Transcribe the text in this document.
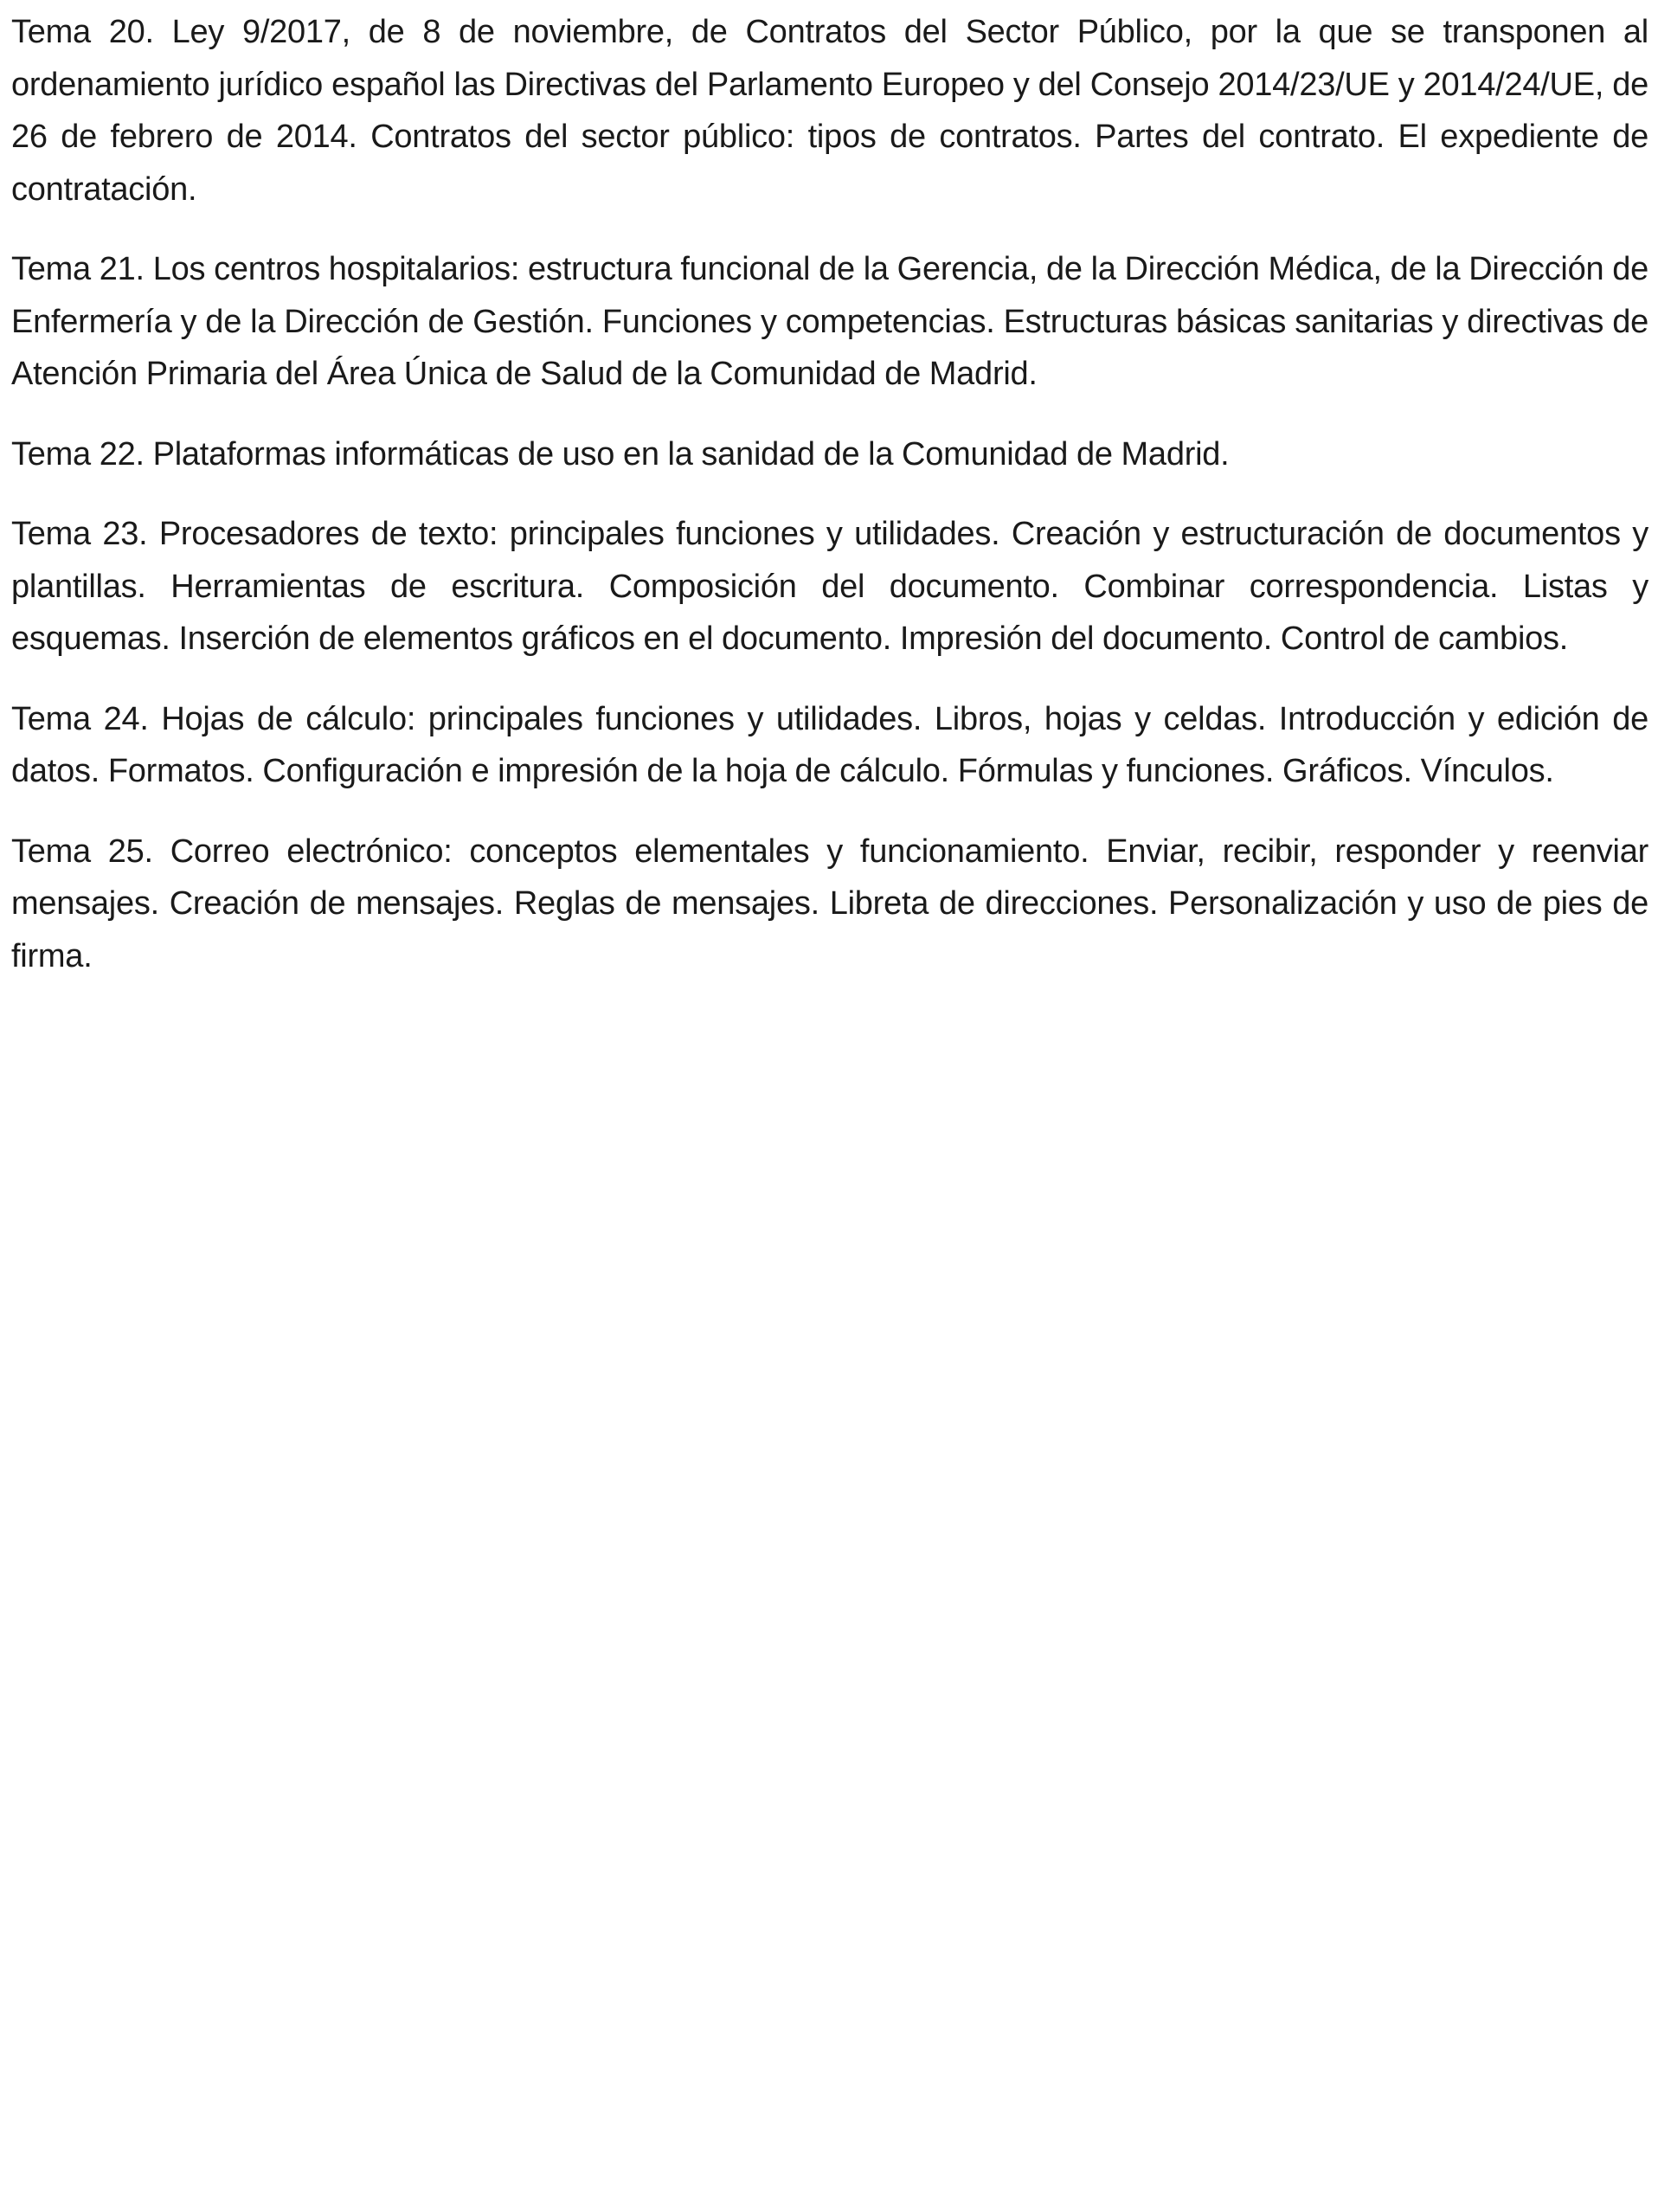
Tema 20. Ley 9/2017, de 8 de noviembre, de Contratos del Sector Público, por la que se transponen al ordenamiento jurídico español las Directivas del Parlamento Europeo y del Consejo 2014/23/UE y 2014/24/UE, de 26 de febrero de 2014. Contratos del sector público: tipos de contratos. Partes del contrato. El expediente de contratación.

Tema 21. Los centros hospitalarios: estructura funcional de la Gerencia, de la Dirección Médica, de la Dirección de Enfermería y de la Dirección de Gestión. Funciones y competencias. Estructuras básicas sanitarias y directivas de Atención Primaria del Área Única de Salud de la Comunidad de Madrid.

Tema 22. Plataformas informáticas de uso en la sanidad de la Comunidad de Madrid.

Tema 23. Procesadores de texto: principales funciones y utilidades. Creación y estructuración de documentos y plantillas. Herramientas de escritura. Composición del documento. Combinar correspondencia. Listas y esquemas. Inserción de elementos gráficos en el documento. Impresión del documento. Control de cambios.

Tema 24. Hojas de cálculo: principales funciones y utilidades. Libros, hojas y celdas. Introducción y edición de datos. Formatos. Configuración e impresión de la hoja de cálculo. Fórmulas y funciones. Gráficos. Vínculos.

Tema 25. Correo electrónico: conceptos elementales y funcionamiento. Enviar, recibir, responder y reenviar mensajes. Creación de mensajes. Reglas de mensajes. Libreta de direcciones. Personalización y uso de pies de firma.
